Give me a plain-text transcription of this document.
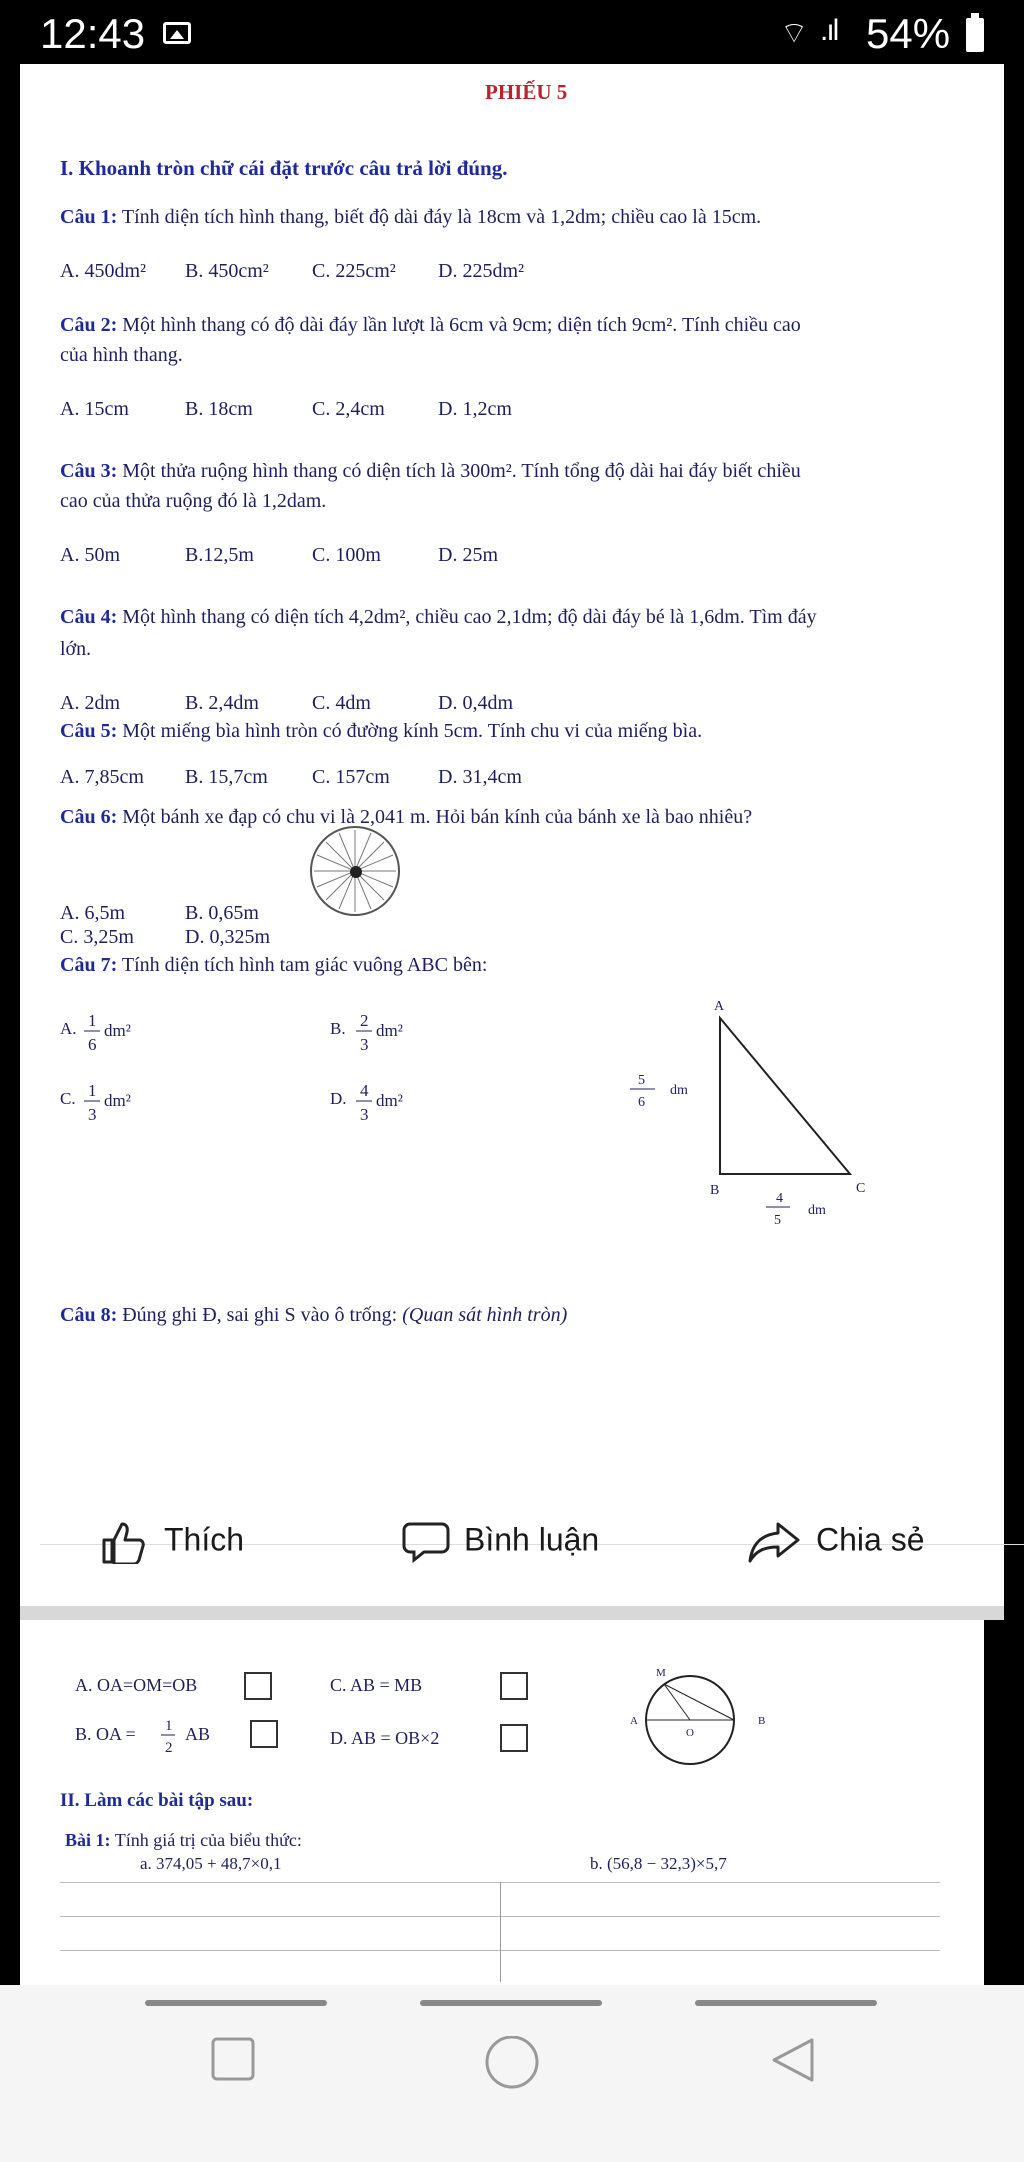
12:43	⌔ .ıl 54%
PHIẾU 5
I. Khoanh tròn chữ cái đặt trước câu trả lời đúng.
Câu 1: Tính diện tích hình thang, biết độ dài đáy là 18cm và 1,2dm; chiều cao là 15cm.
A. 450dm² B. 450cm² C. 225cm² D. 225dm²
Câu 2: Một hình thang có độ dài đáy lần lượt là 6cm và 9cm; diện tích 9cm². Tính chiều cao
của hình thang.
A. 15cm	B. 18cm	C. 2,4cm	D. 1,2cm
Câu 3: Một thửa ruộng hình thang có diện tích là 300m². Tính tổng độ dài hai đáy biết chiều
cao của thửa ruộng đó là 1,2dam.
A. 50m	B.12,5m	C. 100m	D. 25m
Câu 4: Một hình thang có diện tích 4,2dm², chiều cao 2,1dm; độ dài đáy bé là 1,6dm. Tìm đáy
lớn.
A. 2dm	B. 2,4dm	C. 4dm	D. 0,4dm
Câu 5: Một miếng bìa hình tròn có đường kính 5cm. Tính chu vi của miếng bìa.
A. 7,85cm B. 15,7cm C. 157cm D. 31,4cm
Câu 6: Một bánh xe đạp có chu vi là 2,041 m. Hỏi bán kính của bánh xe là bao nhiêu?
A. 6,5m	B. 0,65m
C. 3,25m	D. 0,325m
Câu 7: Tính diện tích hình tam giác vuông ABC bên:
A. 1
6
dm²	B. 2
3
dm²
C. 1
3
dm²	D. 4
3
dm²
A
B	C
5
6
dm
4
5
dm
Câu 8: Đúng ghi Đ, sai ghi S vào ô trống: (Quan sát hình tròn)
Thích	Bình luận	Chia sẻ
A. OA=OM=OB	C. AB = MB
B. OA = 1
2
AB	D. AB = OB×2
M
A
O
B
II. Làm các bài tập sau:
Bài 1: Tính giá trị của biểu thức:
a. 374,05 + 48,7×0,1	b. (56,8 − 32,3)×5,7
